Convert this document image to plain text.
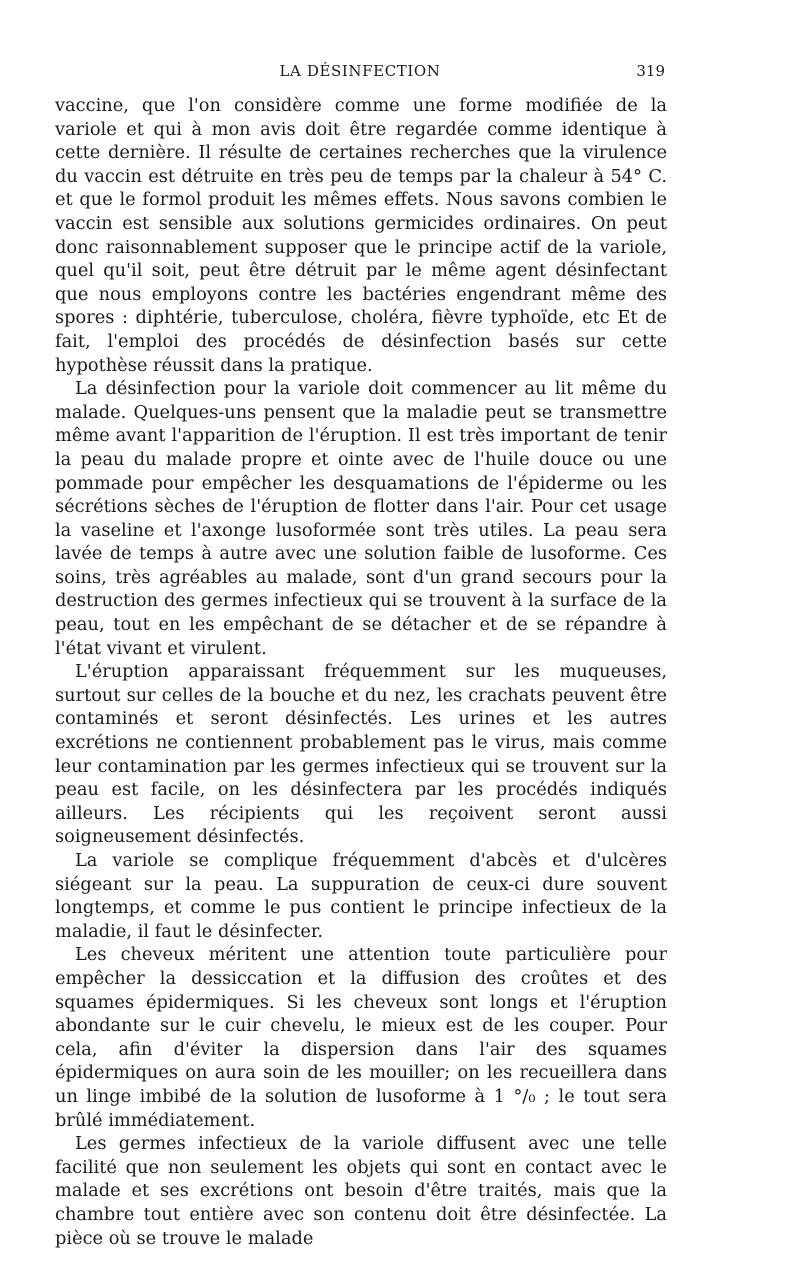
LA DÉSINFECTION	319

vaccine, que l'on considère comme une forme modifiée de la variole et qui à mon avis doit être regardée comme identique à cette dernière. Il résulte de certaines recherches que la virulence du vaccin est détruite en très peu de temps par la chaleur à 54° C. et que le formol produit les mêmes effets. Nous savons combien le vaccin est sensible aux solutions germicides ordinaires. On peut donc raisonnablement supposer que le principe actif de la variole, quel qu'il soit, peut être détruit par le même agent désinfectant que nous employons contre les bactéries engendrant même des spores : diphtérie, tuberculose, choléra, fièvre typhoïde, etc Et de fait, l'emploi des procédés de désinfection basés sur cette hypothèse réussit dans la pratique.

La désinfection pour la variole doit commencer au lit même du malade. Quelques-uns pensent que la maladie peut se transmettre même avant l'apparition de l'éruption. Il est très important de tenir la peau du malade propre et ointe avec de l'huile douce ou une pommade pour empêcher les desquamations de l'épiderme ou les sécrétions sèches de l'éruption de flotter dans l'air. Pour cet usage la vaseline et l'axonge lusoformée sont très utiles. La peau sera lavée de temps à autre avec une solution faible de lusoforme. Ces soins, très agréables au malade, sont d'un grand secours pour la destruction des germes infectieux qui se trouvent à la surface de la peau, tout en les empêchant de se détacher et de se répandre à l'état vivant et virulent.

L'éruption apparaissant fréquemment sur les muqueuses, surtout sur celles de la bouche et du nez, les crachats peuvent être contaminés et seront désinfectés. Les urines et les autres excrétions ne contiennent probablement pas le virus, mais comme leur contamination par les germes infectieux qui se trouvent sur la peau est facile, on les désinfectera par les procédés indiqués ailleurs. Les récipients qui les reçoivent seront aussi soigneusement désinfectés.

La variole se complique fréquemment d'abcès et d'ulcères siégeant sur la peau. La suppuration de ceux-ci dure souvent longtemps, et comme le pus contient le principe infectieux de la maladie, il faut le désinfecter.

Les cheveux méritent une attention toute particulière pour empêcher la dessiccation et la diffusion des croûtes et des squames épidermiques. Si les cheveux sont longs et l'éruption abondante sur le cuir chevelu, le mieux est de les couper. Pour cela, afin d'éviter la dispersion dans l'air des squames épidermiques on aura soin de les mouiller; on les recueillera dans un linge imbibé de la solution de lusoforme à 1 °/₀ ; le tout sera brûlé immédiatement.

Les germes infectieux de la variole diffusent avec une telle facilité que non seulement les objets qui sont en contact avec le malade et ses excrétions ont besoin d'être traités, mais que la chambre tout entière avec son contenu doit être désinfectée. La pièce où se trouve le malade
